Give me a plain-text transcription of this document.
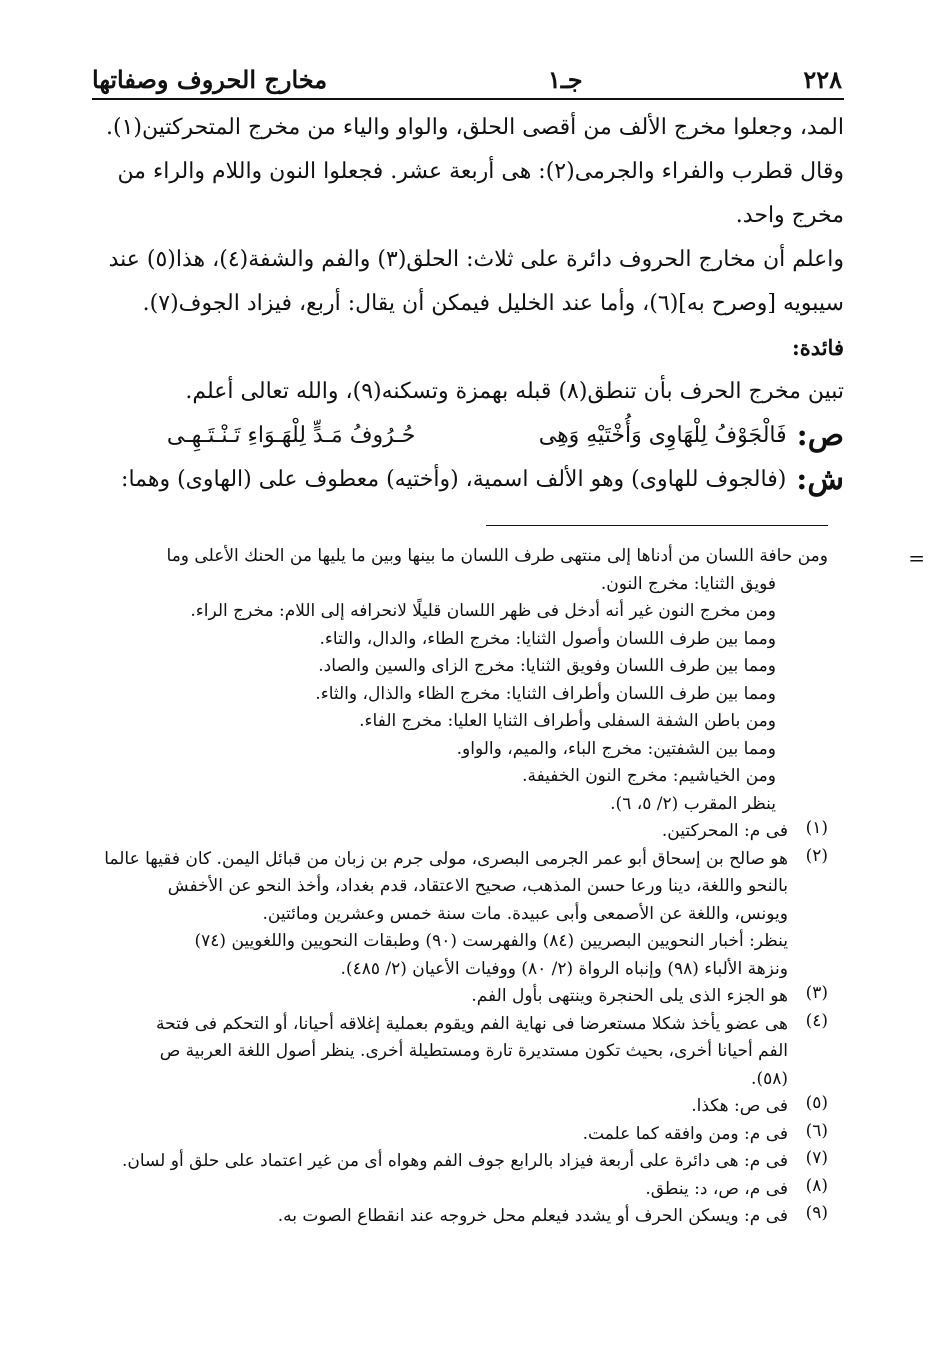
٢٢٨
جـ١
مخارج الحروف وصفاتها
المد، وجعلوا مخرج الألف من أقصى الحلق، والواو والياء من مخرج المتحركتين(١).
وقال قطرب والفراء والجرمى(٢): هى أربعة عشر. فجعلوا النون واللام والراء من
مخرج واحد.
واعلم أن مخارج الحروف دائرة على ثلاث: الحلق(٣) والفم والشفة(٤)، هذا(٥) عند
سيبويه [وصرح به](٦)، وأما عند الخليل فيمكن أن يقال: أربع، فيزاد الجوف(٧).
فائدة:
تبين مخرج الحرف بأن تنطق(٨) قبله بهمزة وتسكنه(٩)، والله تعالى أعلم.
ص:
فَالْجَوْفُ لِلْهَاوِى وَأُخْتَيْهِ وَهِى
حُـرُوفُ مَـدٍّ لِلْهَـوَاءِ تَـنْـتَـهِـى
ش:
(فالجوف للهاوى) وهو الألف اسمية، (وأختيه) معطوف على (الهاوى) وهما:
=
ومن حافة اللسان من أدناها إلى منتهى طرف اللسان ما بينها وبين ما يليها من الحنك الأعلى وما
فويق الثنايا: مخرج النون.
ومن مخرج النون غير أنه أدخل فى ظهر اللسان قليلًا لانحرافه إلى اللام: مخرج الراء.
ومما بين طرف اللسان وأصول الثنايا: مخرج الطاء، والدال، والتاء.
ومما بين طرف اللسان وفويق الثنايا: مخرج الزاى والسين والصاد.
ومما بين طرف اللسان وأطراف الثنايا: مخرج الظاء والذال، والثاء.
ومن باطن الشفة السفلى وأطراف الثنايا العليا: مخرج الفاء.
ومما بين الشفتين: مخرج الباء، والميم، والواو.
ومن الخياشيم: مخرج النون الخفيفة.
ينظر المقرب (٢/ ٥، ٦).
(١)
فى م: المحركتين.
(٢)
هو صالح بن إسحاق أبو عمر الجرمى البصرى، مولى جرم بن زبان من قبائل اليمن. كان فقيها عالما
بالنحو واللغة، دينا ورعا حسن المذهب، صحيح الاعتقاد، قدم بغداد، وأخذ النحو عن الأخفش
ويونس، واللغة عن الأصمعى وأبى عبيدة. مات سنة خمس وعشرين ومائتين.
ينظر: أخبار النحويين البصريين (٨٤) والفهرست (٩٠) وطبقات النحويين واللغويين (٧٤)
ونزهة الألباء (٩٨) وإنباه الرواة (٢/ ٨٠) ووفيات الأعيان (٢/ ٤٨٥).
(٣)
هو الجزء الذى يلى الحنجرة وينتهى بأول الفم.
(٤)
هى عضو يأخذ شكلا مستعرضا فى نهاية الفم ويقوم بعملية إغلاقه أحيانا، أو التحكم فى فتحة
الفم أحيانا أخرى، بحيث تكون مستديرة تارة ومستطيلة أخرى. ينظر أصول اللغة العربية ص
(٥٨).
(٥)
فى ص: هكذا.
(٦)
فى م: ومن وافقه كما علمت.
(٧)
فى م: هى دائرة على أربعة فيزاد بالرابع جوف الفم وهواه أى من غير اعتماد على حلق أو لسان.
(٨)
فى م، ص، د: ينطق.
(٩)
فى م: ويسكن الحرف أو يشدد فيعلم محل خروجه عند انقطاع الصوت به.
